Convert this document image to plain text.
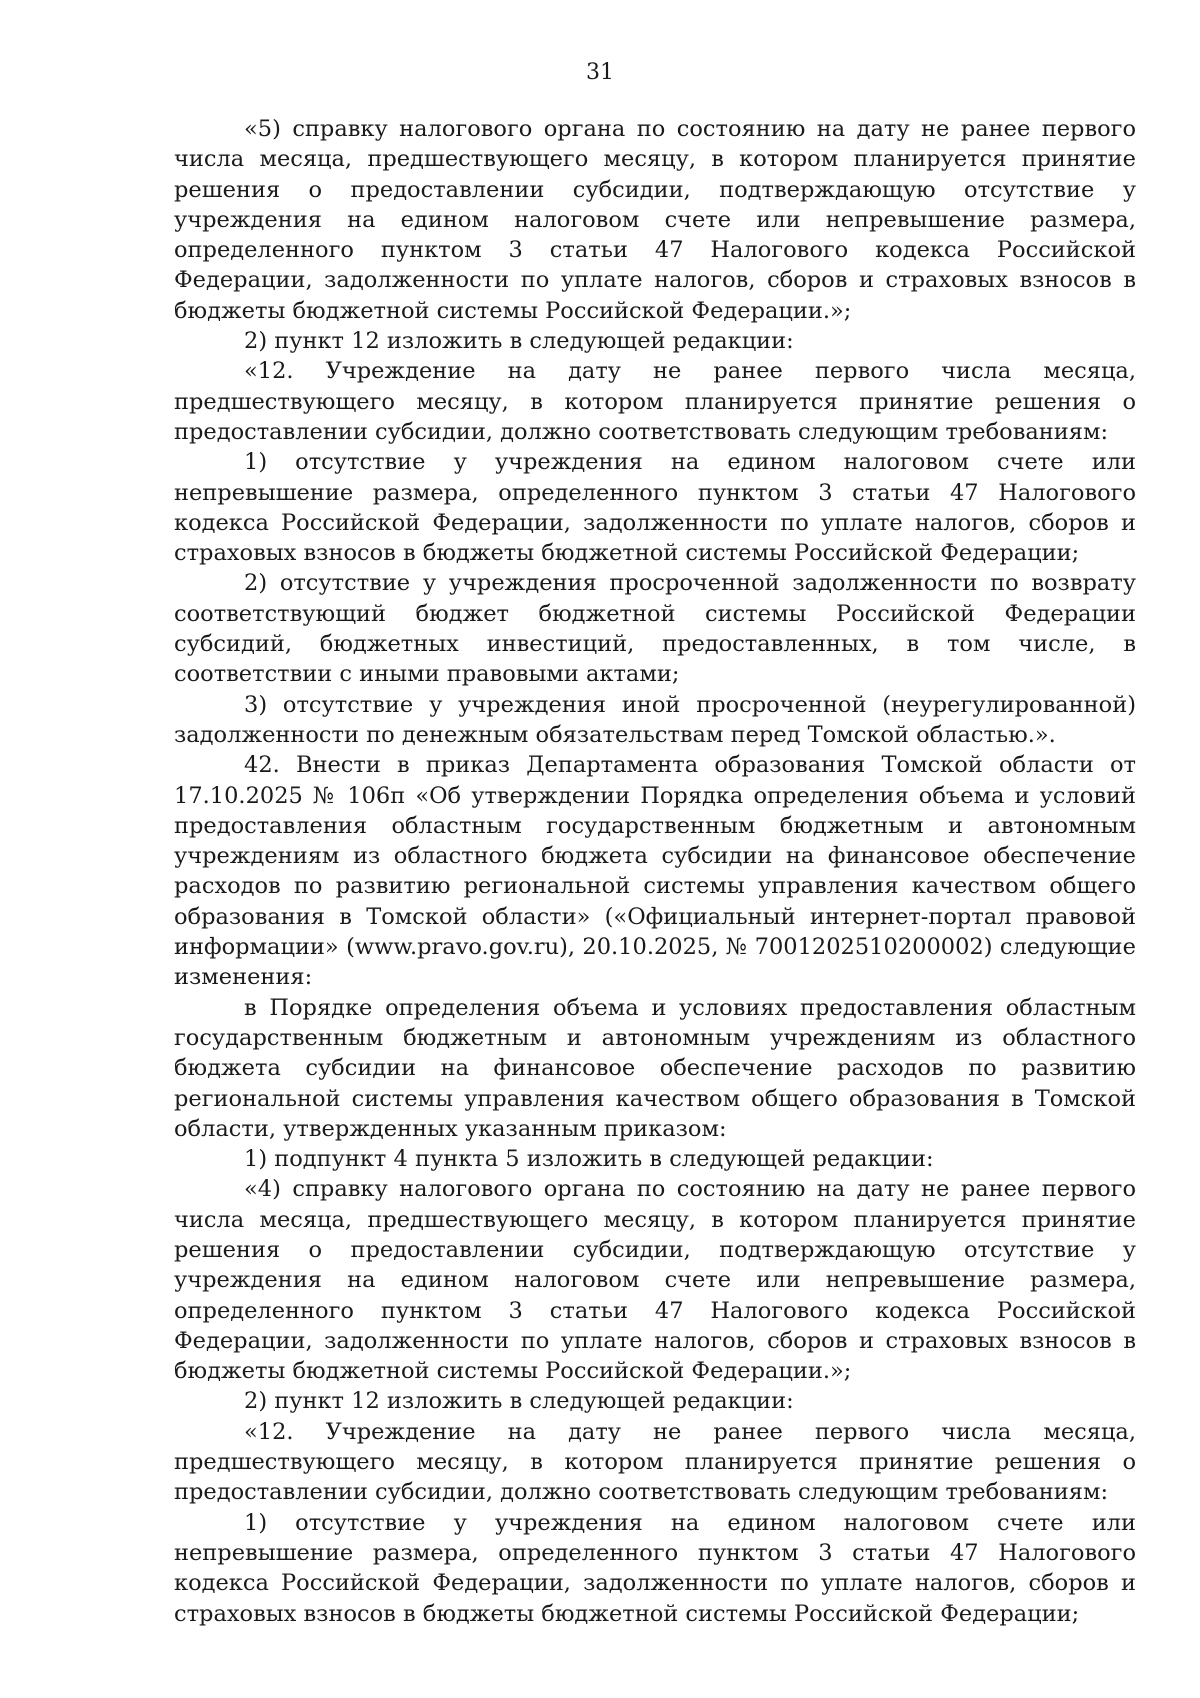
31

«5) справку налогового органа по состоянию на дату не ранее первого числа месяца, предшествующего месяцу, в котором планируется принятие решения о предоставлении субсидии, подтверждающую отсутствие у учреждения на едином налоговом счете или непревышение размера, определенного пунктом 3 статьи 47 Налогового кодекса Российской Федерации, задолженности по уплате налогов, сборов и страховых взносов в бюджеты бюджетной системы Российской Федерации.»;

2) пункт 12 изложить в следующей редакции:

«12. Учреждение на дату не ранее первого числа месяца, предшествующего месяцу, в котором планируется принятие решения о предоставлении субсидии, должно соответствовать следующим требованиям:

1) отсутствие у учреждения на едином налоговом счете или непревышение размера, определенного пунктом 3 статьи 47 Налогового кодекса Российской Федерации, задолженности по уплате налогов, сборов и страховых взносов в бюджеты бюджетной системы Российской Федерации;

2) отсутствие у учреждения просроченной задолженности по возврату соответствующий бюджет бюджетной системы Российской Федерации субсидий, бюджетных инвестиций, предоставленных, в том числе, в соответствии с иными правовыми актами;

3) отсутствие у учреждения иной просроченной (неурегулированной) задолженности по денежным обязательствам перед Томской областью.».

42. Внести в приказ Департамента образования Томской области от 17.10.2025 № 106п «Об утверждении Порядка определения объема и условий предоставления областным государственным бюджетным и автономным учреждениям из областного бюджета субсидии на финансовое обеспечение расходов по развитию региональной системы управления качеством общего образования в Томской области» («Официальный интернет-портал правовой информации» (www.pravo.gov.ru), 20.10.2025, № 7001202510200002) следующие изменения:

в Порядке определения объема и условиях предоставления областным государственным бюджетным и автономным учреждениям из областного бюджета субсидии на финансовое обеспечение расходов по развитию региональной системы управления качеством общего образования в Томской области, утвержденных указанным приказом:

1) подпункт 4 пункта 5 изложить в следующей редакции:

«4) справку налогового органа по состоянию на дату не ранее первого числа месяца, предшествующего месяцу, в котором планируется принятие решения о предоставлении субсидии, подтверждающую отсутствие у учреждения на едином налоговом счете или непревышение размера, определенного пунктом 3 статьи 47 Налогового кодекса Российской Федерации, задолженности по уплате налогов, сборов и страховых взносов в бюджеты бюджетной системы Российской Федерации.»;

2) пункт 12 изложить в следующей редакции:

«12. Учреждение на дату не ранее первого числа месяца, предшествующего месяцу, в котором планируется принятие решения о предоставлении субсидии, должно соответствовать следующим требованиям:

1) отсутствие у учреждения на едином налоговом счете или непревышение размера, определенного пунктом 3 статьи 47 Налогового кодекса Российской Федерации, задолженности по уплате налогов, сборов и страховых взносов в бюджеты бюджетной системы Российской Федерации;
